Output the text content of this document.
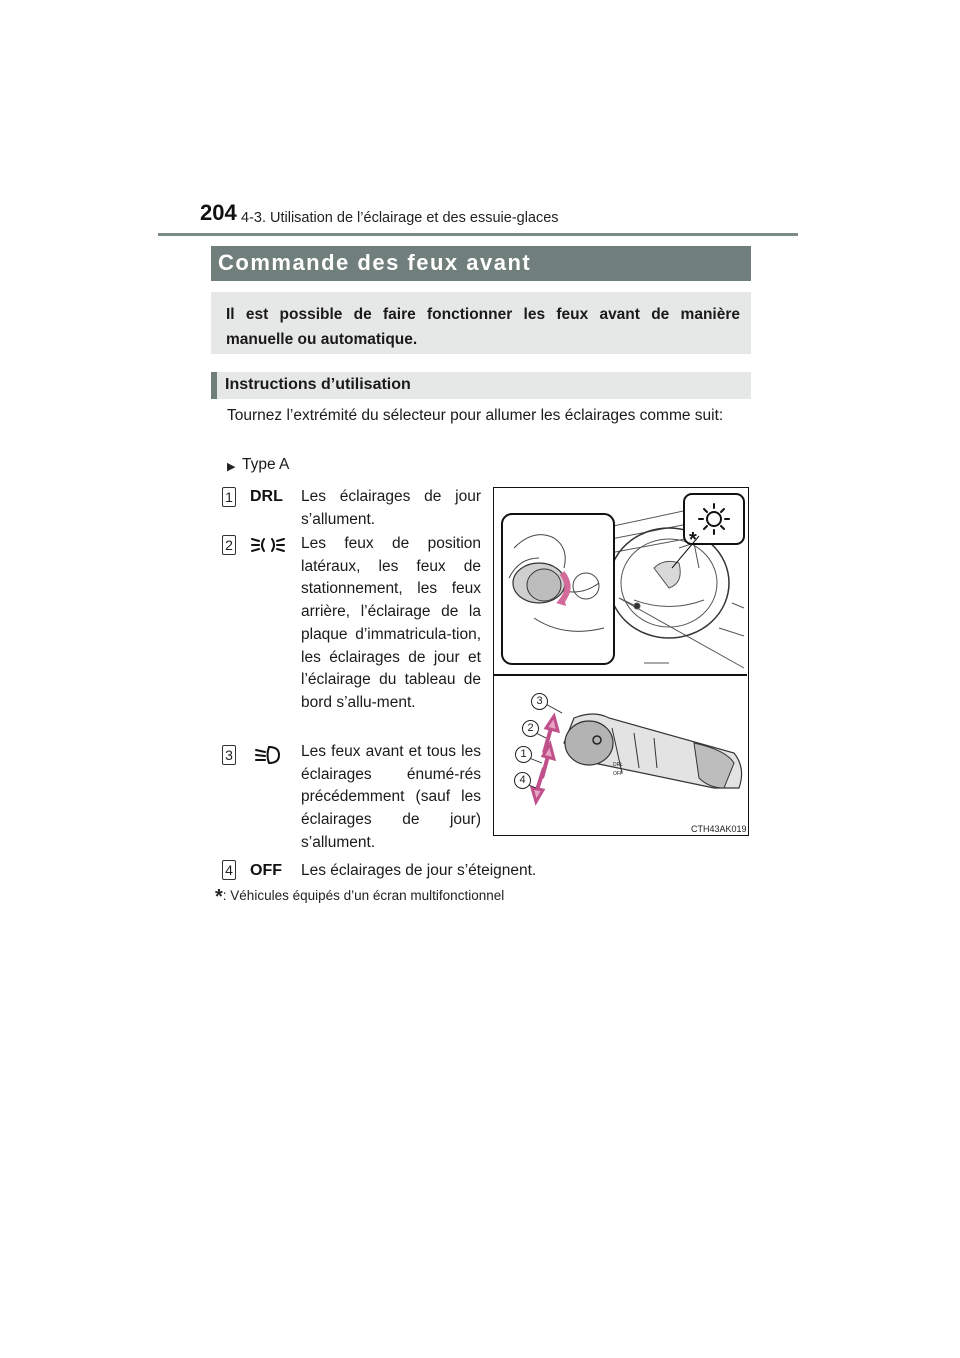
204 4-3. Utilisation de l’éclairage et des essuie-glaces
Commande des feux avant
Il est possible de faire fonctionner les feux avant de manière manuelle ou automatique.
Instructions d’utilisation
Tournez l’extrémité du sélecteur pour allumer les éclairages comme suit:
▶ Type A
1 DRL Les éclairages de jour s’allument.
2	Les feux de position latéraux, les feux de stationnement, les feux arrière, l’éclairage de la plaque d’immatricula-tion, les éclairages de jour et l’éclairage du tableau de bord s’allu-ment.
3	Les feux avant et tous les éclairages énumé-rés précédemment (sauf les éclairages de jour) s’allument.
4 OFF Les éclairages de jour s’éteignent.
*
DRL
OFF
3
2
1
4
CTH43AK019
*: Véhicules équipés d’un écran multifonctionnel
